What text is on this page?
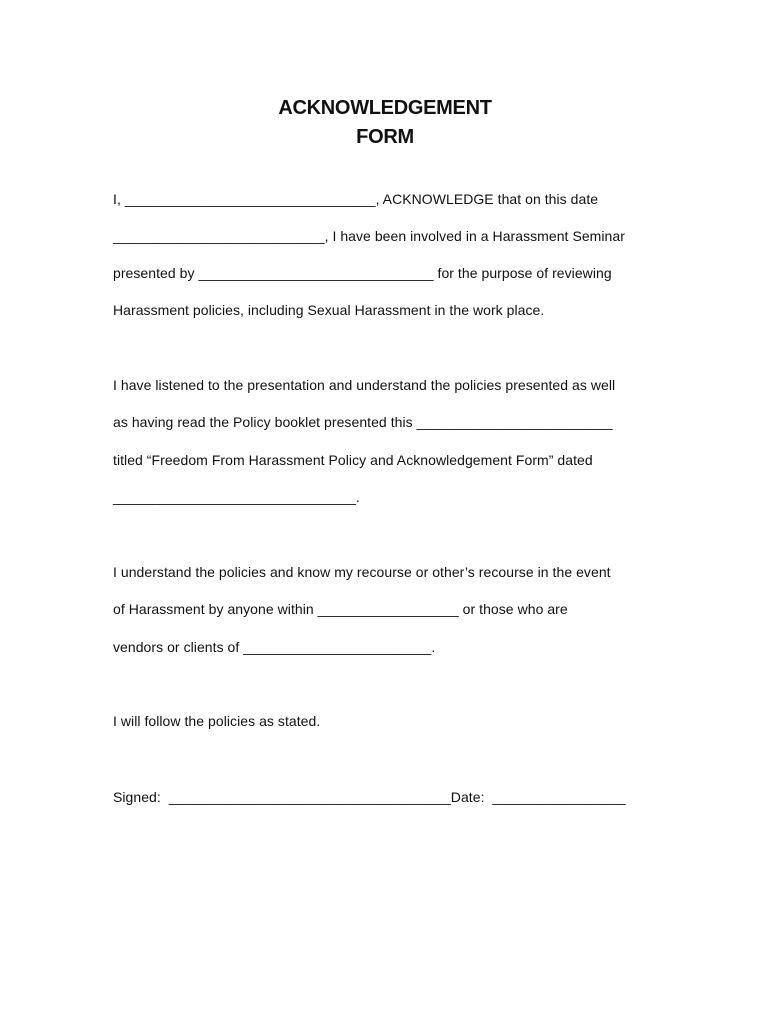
ACKNOWLEDGEMENT
FORM
I, ________________________________, ACKNOWLEDGE that on this date
___________________________, I have been involved in a Harassment Seminar
presented by ______________________________ for the purpose of reviewing
Harassment policies, including Sexual Harassment in the work place.
I have listened to the presentation and understand the policies presented as well
as having read the Policy booklet presented this _________________________
titled “Freedom From Harassment Policy and Acknowledgement Form” dated
_______________________________.
I understand the policies and know my recourse or other’s recourse in the event
of Harassment by anyone within __________________ or those who are
vendors or clients of ________________________.
I will follow the policies as stated.
Signed:  ____________________________________Date:  _________________
